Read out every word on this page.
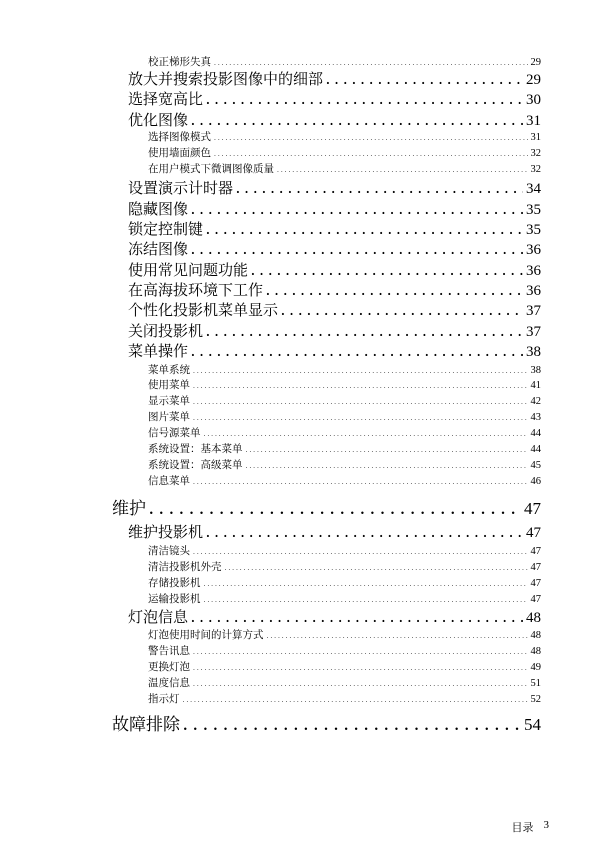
校正梯形失真 . . .	29
放大并搜索投影图像中的细部 . . .	29
选择宽高比 . . .	30
优化图像 . . .	31
选择图像模式 . . .	31
使用墙面颜色 . . .	32
在用户模式下微调图像质量 . . .	32
设置演示计时器 . . .	34
隐藏图像 . . .	35
锁定控制键 . . .	35
冻结图像 . . .	36
使用常见问题功能 . . .	36
在高海拔环境下工作 . . .	36
个性化投影机菜单显示 . . .	37
关闭投影机 . . .	37
菜单操作 . . .	38
菜单系统 . . .	38
使用菜单 . . .	41
显示菜单 . . .	42
图片菜单 . . .	43
信号源菜单 . . .	44
系统设置：基本菜单 . . .	44
系统设置：高级菜单 . . .	45
信息菜单 . . .	46
维护 . . .	47
维护投影机 . . .	47
清洁镜头 . . .	47
清洁投影机外壳 . . .	47
存储投影机 . . .	47
运输投影机 . . .	47
灯泡信息 . . .	48
灯泡使用时间的计算方式 . . .	48
警告讯息 . . .	48
更换灯泡 . . .	49
温度信息 . . .	51
指示灯 . . .	52
故障排除 . . .	54
目录 3
